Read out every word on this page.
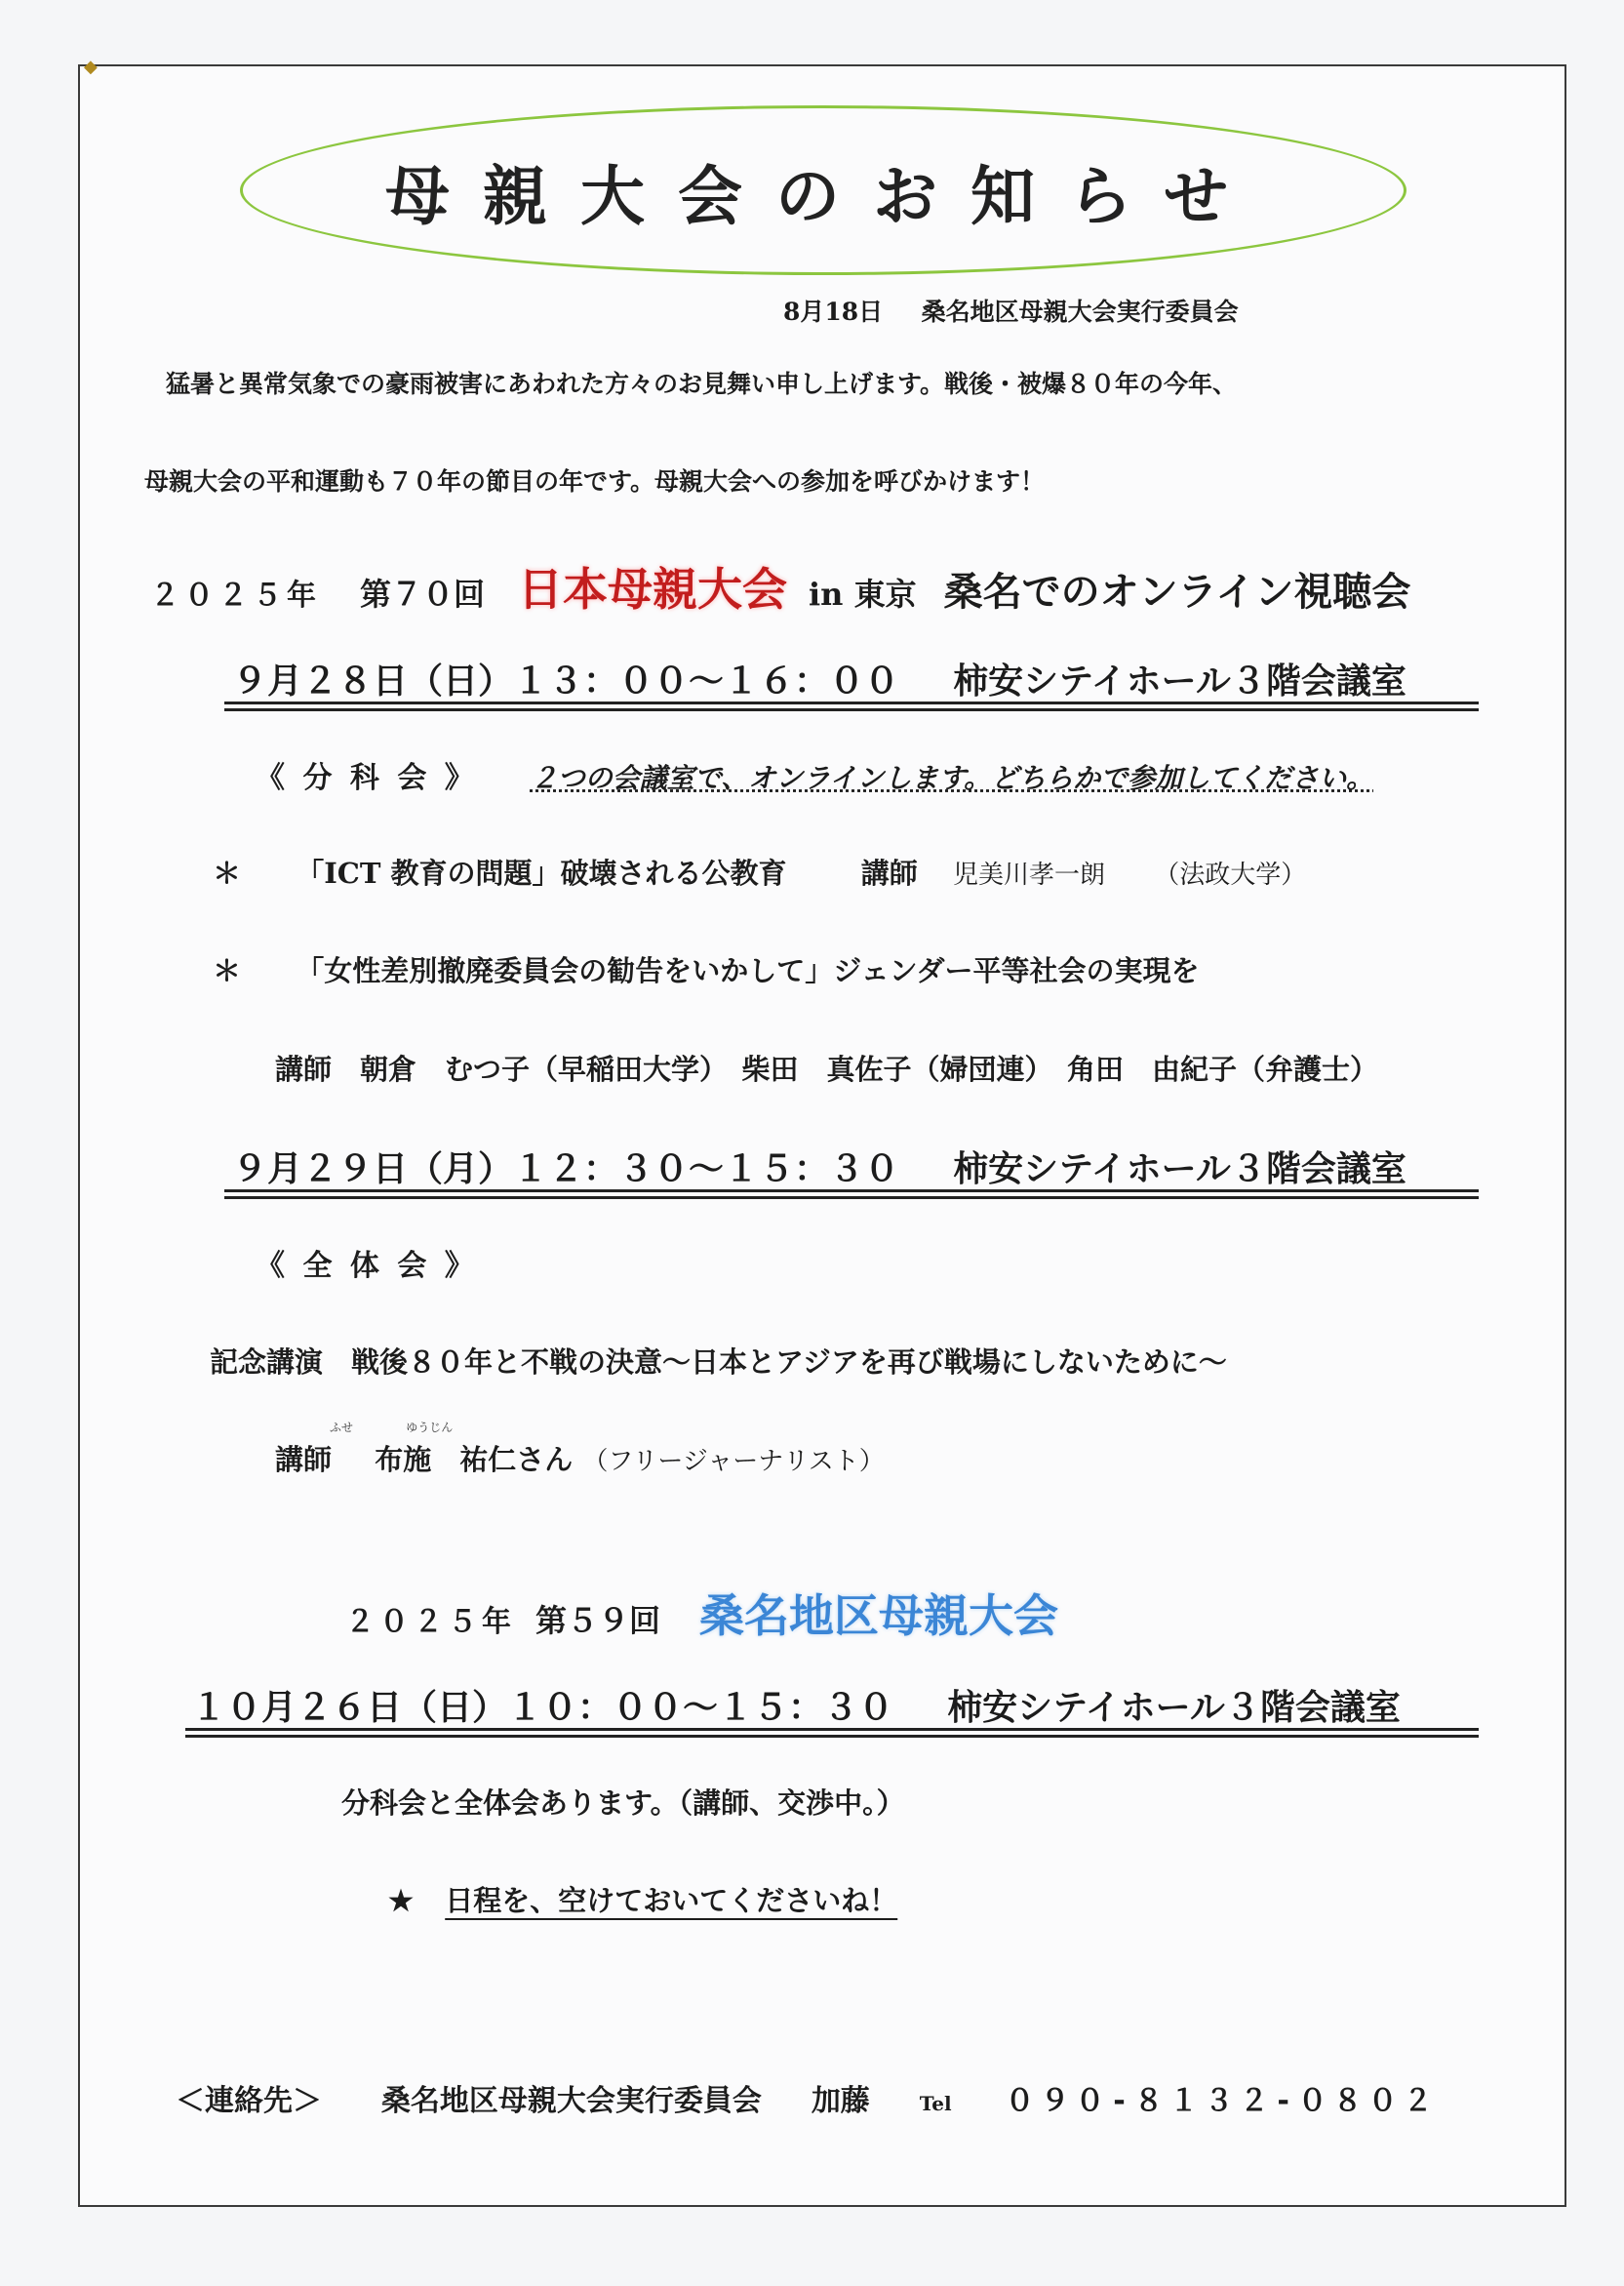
◆
母親大会のお知らせ
8月18日 桑名地区母親大会実行委員会
猛暑と異常気象での豪雨被害にあわれた方々のお見舞い申し上げます。戦後・被爆８０年の今年、
母親大会の平和運動も７０年の節目の年です。母親大会への参加を呼びかけます！
２０２５年 第７０回 日本母親大会 in 東京 桑名でのオンライン視聴会
９月２８日（日）１３：００～１６：００ 柿安シテイホール３階会議室
《 分 科 会 》 ２つの会議室で、オンラインします。どちらかで参加してください。
＊ 「ICT 教育の問題」破壊される公教育	講師 児美川孝一朗 （法政大学）
＊ 「女性差別撤廃委員会の勧告をいかして」ジェンダー平等社会の実現を
講師　朝倉　むつ子（早稲田大学）　柴田　真佐子（婦団連）　角田　由紀子（弁護士）
９月２９日（月）１２：３０～１５：３０ 柿安シテイホール３階会議室
《 全 体 会 》
記念講演　戦後８０年と不戦の決意～日本とアジアを再び戦場にしないために～
ふせ	ゆうじん
講師 布施　祐仁さん （フリージャーナリスト）
２０２５年 第５９回 桑名地区母親大会
１０月２６日（日）１０：００～１５：３０ 柿安シテイホール３階会議室
分科会と全体会あります。（講師、交渉中。）
★ 日程を、空けておいてくださいね！
＜連絡先＞ 桑名地区母親大会実行委員会 加藤	Tel ０９０-８１３２-０８０２
